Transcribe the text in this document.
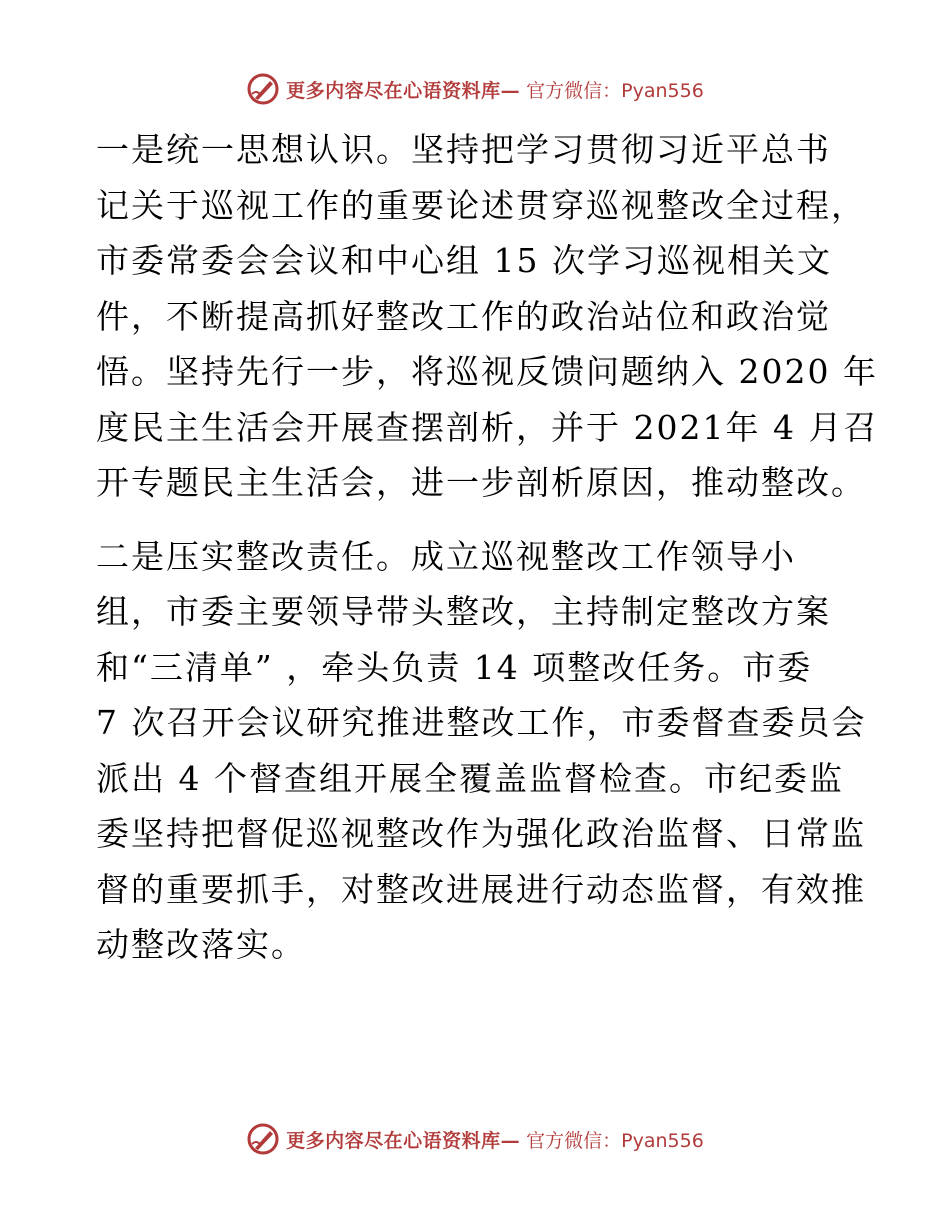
更多内容尽在心语资料库— 官方微信：Pyan556
一是统一思想认识。坚持把学习贯彻习近平总书
记关于巡视工作的重要论述贯穿巡视整改全过程，
市委常委会会议和中心组 15 次学习巡视相关文
件，不断提高抓好整改工作的政治站位和政治觉
悟。坚持先行一步，将巡视反馈问题纳入 2020 年
度民主生活会开展查摆剖析，并于 2021年 4 月召
开专题民主生活会，进一步剖析原因，推动整改。
二是压实整改责任。成立巡视整改工作领导小
组，市委主要领导带头整改，主持制定整改方案
和“三清单” ，牵头负责 14 项整改任务。市委
7 次召开会议研究推进整改工作，市委督查委员会
派出 4 个督查组开展全覆盖监督检查。市纪委监
委坚持把督促巡视整改作为强化政治监督、日常监
督的重要抓手，对整改进展进行动态监督，有效推
动整改落实。
更多内容尽在心语资料库— 官方微信：Pyan556
